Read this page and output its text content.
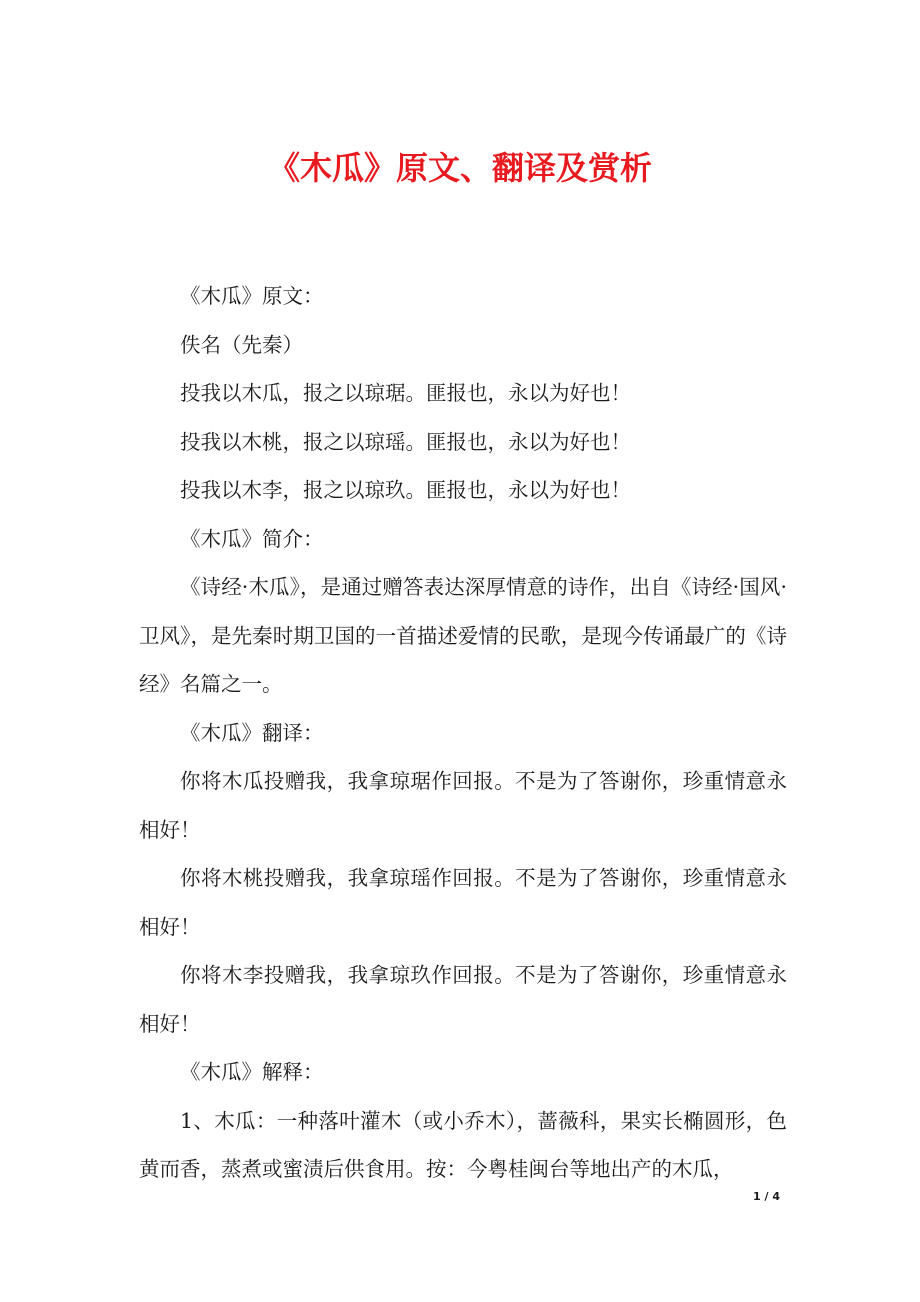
《木瓜》原文、翻译及赏析

《木瓜》原文：

佚名（先秦）

投我以木瓜，报之以琼琚。匪报也，永以为好也！

投我以木桃，报之以琼瑶。匪报也，永以为好也！

投我以木李，报之以琼玖。匪报也，永以为好也！

《木瓜》简介：

《诗经·木瓜》，是通过赠答表达深厚情意的诗作，出自《诗经·国风·卫风》，是先秦时期卫国的一首描述爱情的民歌，是现今传诵最广的《诗经》名篇之一。

《木瓜》翻译：

你将木瓜投赠我，我拿琼琚作回报。不是为了答谢你，珍重情意永相好！

你将木桃投赠我，我拿琼瑶作回报。不是为了答谢你，珍重情意永相好！

你将木李投赠我，我拿琼玖作回报。不是为了答谢你，珍重情意永相好！

《木瓜》解释：

1、木瓜：一种落叶灌木（或小乔木），蔷薇科，果实长椭圆形，色黄而香，蒸煮或蜜渍后供食用。按：今粤桂闽台等地出产的木瓜，

1 / 4
